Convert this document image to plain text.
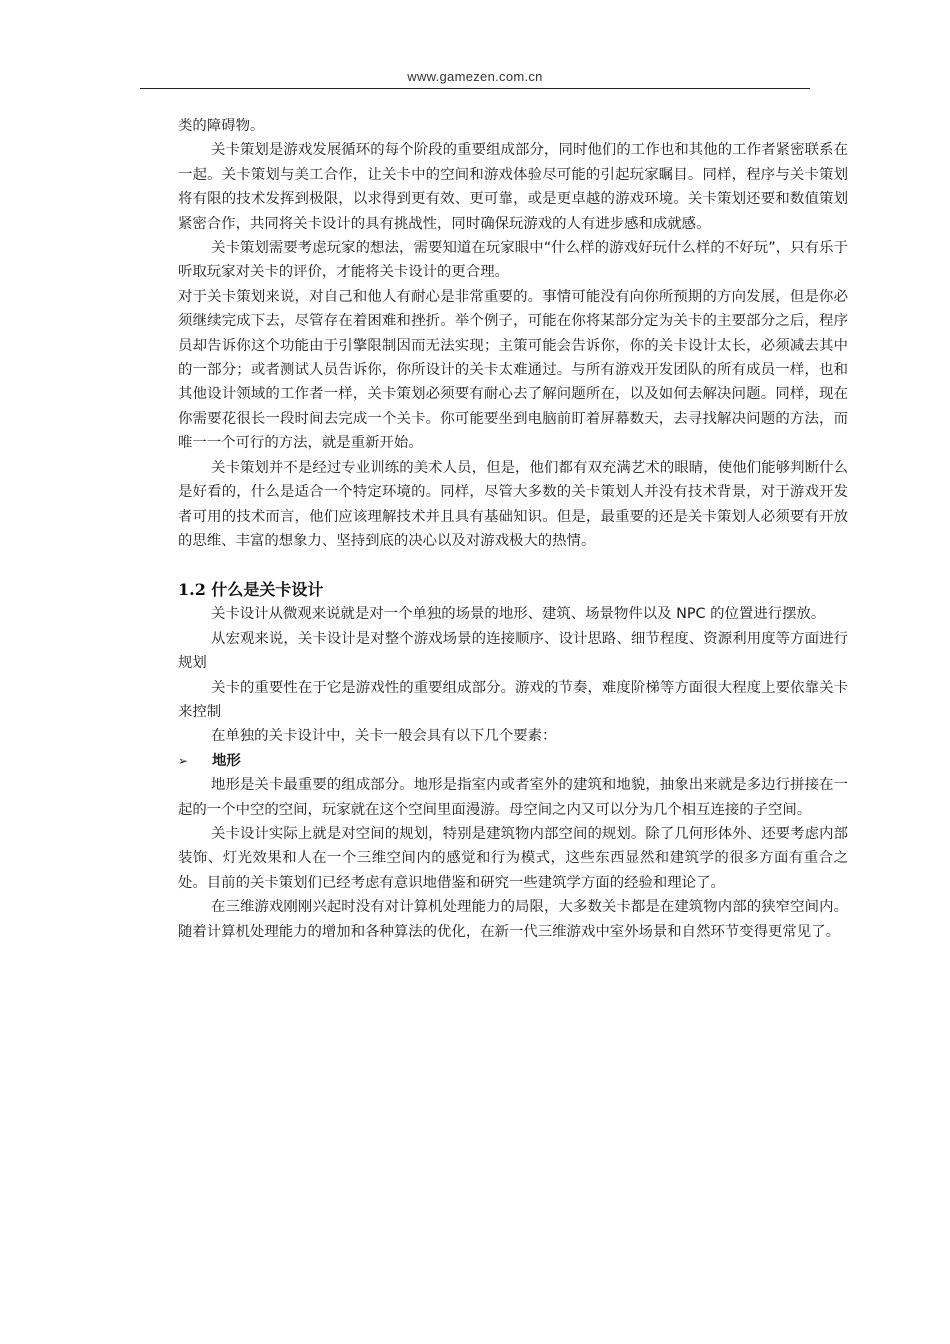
www.gamezen.com.cn

类的障碍物。

关卡策划是游戏发展循环的每个阶段的重要组成部分，同时他们的工作也和其他的工作者紧密联系在一起。关卡策划与美工合作，让关卡中的空间和游戏体验尽可能的引起玩家瞩目。同样，程序与关卡策划将有限的技术发挥到极限，以求得到更有效、更可靠，或是更卓越的游戏环境。关卡策划还要和数值策划紧密合作，共同将关卡设计的具有挑战性，同时确保玩游戏的人有进步感和成就感。

关卡策划需要考虑玩家的想法，需要知道在玩家眼中“什么样的游戏好玩什么样的不好玩”，只有乐于听取玩家对关卡的评价，才能将关卡设计的更合理。

对于关卡策划来说，对自己和他人有耐心是非常重要的。事情可能没有向你所预期的方向发展，但是你必须继续完成下去，尽管存在着困难和挫折。举个例子，可能在你将某部分定为关卡的主要部分之后，程序员却告诉你这个功能由于引擎限制因而无法实现；主策可能会告诉你，你的关卡设计太长，必须减去其中的一部分；或者测试人员告诉你，你所设计的关卡太难通过。与所有游戏开发团队的所有成员一样，也和其他设计领域的工作者一样，关卡策划必须要有耐心去了解问题所在，以及如何去解决问题。同样，现在你需要花很长一段时间去完成一个关卡。你可能要坐到电脑前盯着屏幕数天，去寻找解决问题的方法，而唯一一个可行的方法，就是重新开始。

关卡策划并不是经过专业训练的美术人员，但是，他们都有双充满艺术的眼睛，使他们能够判断什么是好看的，什么是适合一个特定环境的。同样，尽管大多数的关卡策划人并没有技术背景，对于游戏开发者可用的技术而言，他们应该理解技术并且具有基础知识。但是，最重要的还是关卡策划人必须要有开放的思维、丰富的想象力、坚持到底的决心以及对游戏极大的热情。

1.2 什么是关卡设计

关卡设计从微观来说就是对一个单独的场景的地形、建筑、场景物件以及 NPC 的位置进行摆放。

从宏观来说，关卡设计是对整个游戏场景的连接顺序、设计思路、细节程度、资源利用度等方面进行规划

关卡的重要性在于它是游戏性的重要组成部分。游戏的节奏，难度阶梯等方面很大程度上要依靠关卡来控制

在单独的关卡设计中，关卡一般会具有以下几个要素：

➢	地形

地形是关卡最重要的组成部分。地形是指室内或者室外的建筑和地貌，抽象出来就是多边行拼接在一起的一个中空的空间，玩家就在这个空间里面漫游。母空间之内又可以分为几个相互连接的子空间。

关卡设计实际上就是对空间的规划，特别是建筑物内部空间的规划。除了几何形体外、还要考虑内部装饰、灯光效果和人在一个三维空间内的感觉和行为模式，这些东西显然和建筑学的很多方面有重合之处。目前的关卡策划们已经考虑有意识地借鉴和研究一些建筑学方面的经验和理论了。

在三维游戏刚刚兴起时没有对计算机处理能力的局限，大多数关卡都是在建筑物内部的狭窄空间内。随着计算机处理能力的增加和各种算法的优化，在新一代三维游戏中室外场景和自然环节变得更常见了。
